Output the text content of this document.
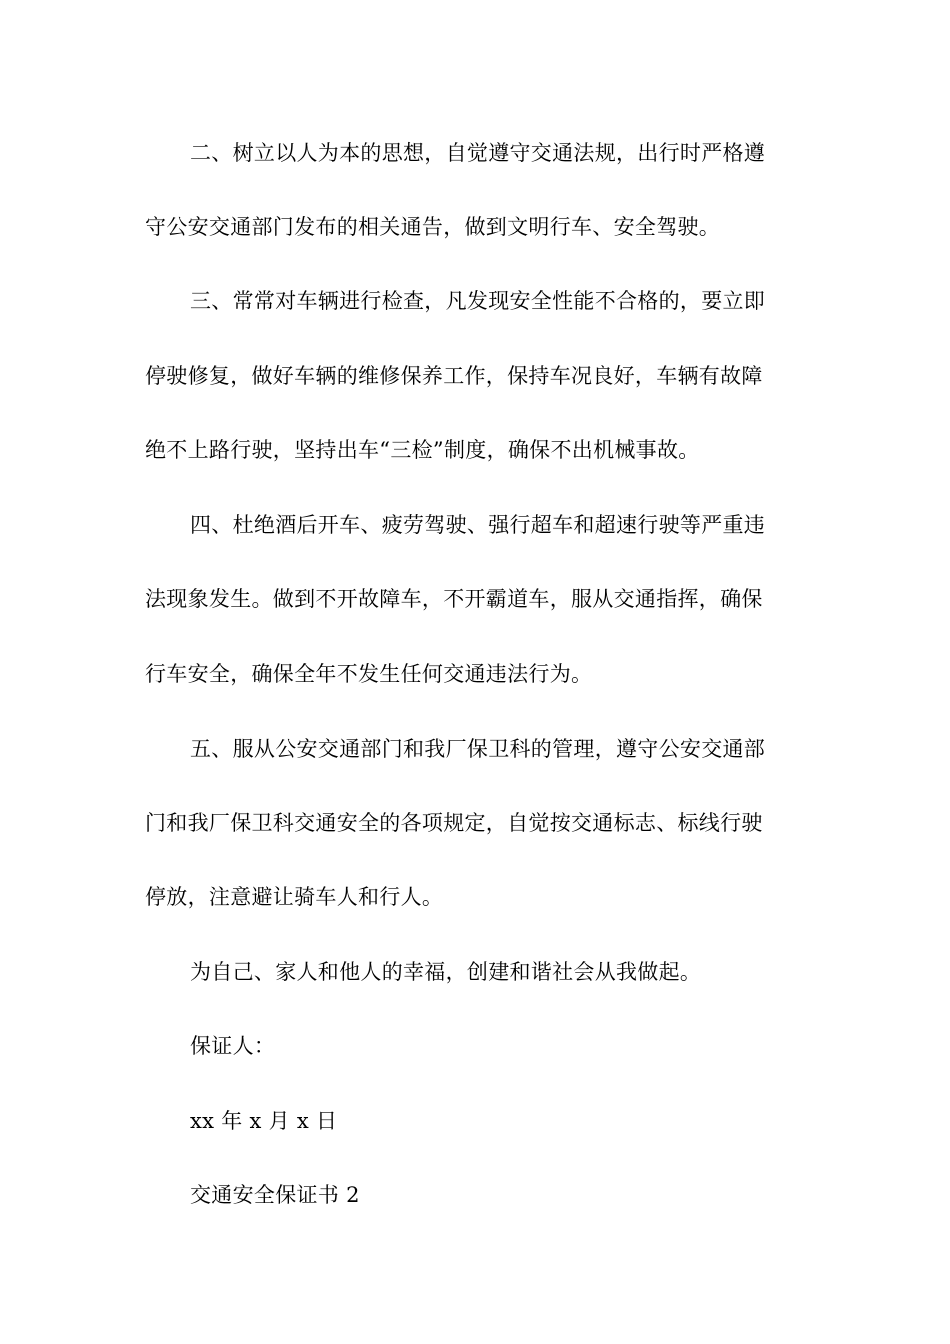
二、树立以人为本的思想，自觉遵守交通法规，出行时严格遵

守公安交通部门发布的相关通告，做到文明行车、安全驾驶。

三、常常对车辆进行检查，凡发现安全性能不合格的，要立即

停驶修复，做好车辆的维修保养工作，保持车况良好，车辆有故障

绝不上路行驶，坚持出车“三检”制度，确保不出机械事故。

四、杜绝酒后开车、疲劳驾驶、强行超车和超速行驶等严重违

法现象发生。做到不开故障车，不开霸道车，服从交通指挥，确保

行车安全，确保全年不发生任何交通违法行为。

五、服从公安交通部门和我厂保卫科的管理，遵守公安交通部

门和我厂保卫科交通安全的各项规定，自觉按交通标志、标线行驶

停放，注意避让骑车人和行人。

为自己、家人和他人的幸福，创建和谐社会从我做起。

保证人：

xx 年 x 月 x 日

交通安全保证书 2
